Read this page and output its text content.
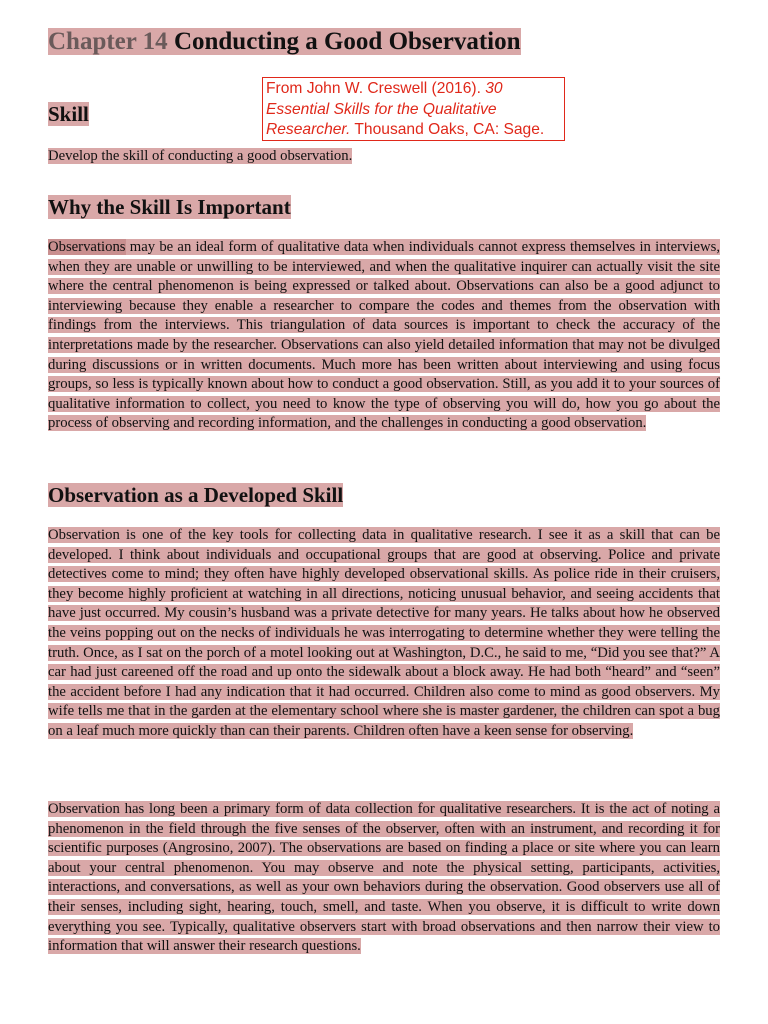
Chapter 14 Conducting a Good Observation
From John W. Creswell (2016). 30 Essential Skills for the Qualitative Researcher. Thousand Oaks, CA: Sage.
Skill

Develop the skill of conducting a good observation.

Why the Skill Is Important

Observations may be an ideal form of qualitative data when individuals cannot express themselves in interviews, when they are unable or unwilling to be interviewed, and when the qualitative inquirer can actually visit the site where the central phenomenon is being expressed or talked about. Observations can also be a good adjunct to interviewing because they enable a researcher to compare the codes and themes from the observation with findings from the interviews. This triangulation of data sources is important to check the accuracy of the interpretations made by the researcher. Observations can also yield detailed information that may not be divulged during discussions or in written documents. Much more has been written about interviewing and using focus groups, so less is typically known about how to conduct a good observation. Still, as you add it to your sources of qualitative information to collect, you need to know the type of observing you will do, how you go about the process of observing and recording information, and the challenges in conducting a good observation.

Observation as a Developed Skill

Observation is one of the key tools for collecting data in qualitative research. I see it as a skill that can be developed. I think about individuals and occupational groups that are good at observing. Police and private detectives come to mind; they often have highly developed observational skills. As police ride in their cruisers, they become highly proficient at watching in all directions, noticing unusual behavior, and seeing accidents that have just occurred. My cousin’s husband was a private detective for many years. He talks about how he observed the veins popping out on the necks of individuals he was interrogating to determine whether they were telling the truth. Once, as I sat on the porch of a motel looking out at Washington, D.C., he said to me, “Did you see that?” A car had just careened off the road and up onto the sidewalk about a block away. He had both “heard” and “seen” the accident before I had any indication that it had occurred. Children also come to mind as good observers. My wife tells me that in the garden at the elementary school where she is master gardener, the children can spot a bug on a leaf much more quickly than can their parents. Children often have a keen sense for observing.

Observation has long been a primary form of data collection for qualitative researchers. It is the act of noting a phenomenon in the field through the five senses of the observer, often with an instrument, and recording it for scientific purposes (Angrosino, 2007). The observations are based on finding a place or site where you can learn about your central phenomenon. You may observe and note the physical setting, participants, activities, interactions, and conversations, as well as your own behaviors during the observation. Good observers use all of their senses, including sight, hearing, touch, smell, and taste. When you observe, it is difficult to write down everything you see. Typically, qualitative observers start with broad observations and then narrow their view to information that will answer their research questions.
